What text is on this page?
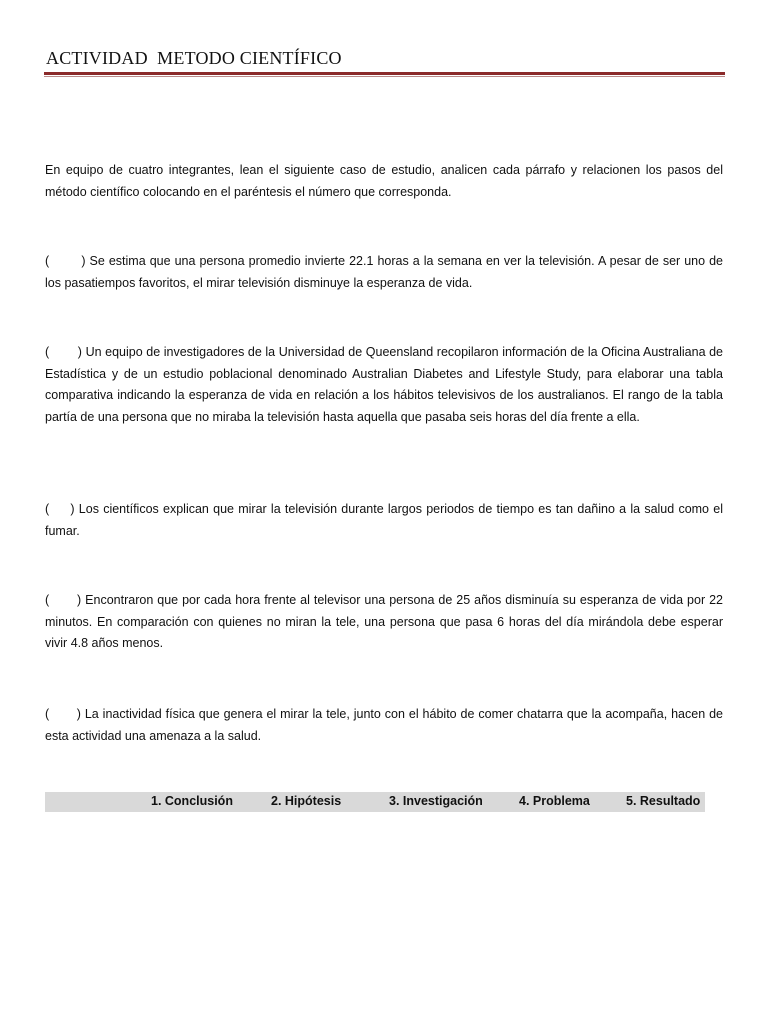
ACTIVIDAD  METODO CIENTÍFICO
En equipo de cuatro integrantes, lean el siguiente caso de estudio, analicen cada párrafo y relacionen los pasos del método científico colocando en el paréntesis el número que corresponda.
(        ) Se estima que una persona promedio invierte 22.1 horas a la semana en ver la televisión. A pesar de ser uno de los pasatiempos favoritos, el mirar televisión disminuye la esperanza de vida.
(        ) Un equipo de investigadores de la Universidad de Queensland recopilaron información de la Oficina Australiana de Estadística y de un estudio poblacional denominado Australian Diabetes and Lifestyle Study, para elaborar una tabla comparativa indicando la esperanza de vida en relación a los hábitos televisivos de los australianos. El rango de la tabla partía de una persona que no miraba la televisión hasta aquella que pasaba seis horas del día frente a ella.
(     ) Los científicos explican que mirar la televisión durante largos periodos de tiempo es tan dañino a la salud como el fumar.
(       ) Encontraron que por cada hora frente al televisor una persona de 25 años disminuía su esperanza de vida por 22 minutos. En comparación con quienes no miran la tele, una persona que pasa 6 horas del día mirándola debe esperar vivir 4.8 años menos.
(       ) La inactividad física que genera el mirar la tele, junto con el hábito de comer chatarra que la acompaña, hacen de esta actividad una amenaza a la salud.
1. Conclusión	2. Hipótesis	3. Investigación	4. Problema	5. Resultado
